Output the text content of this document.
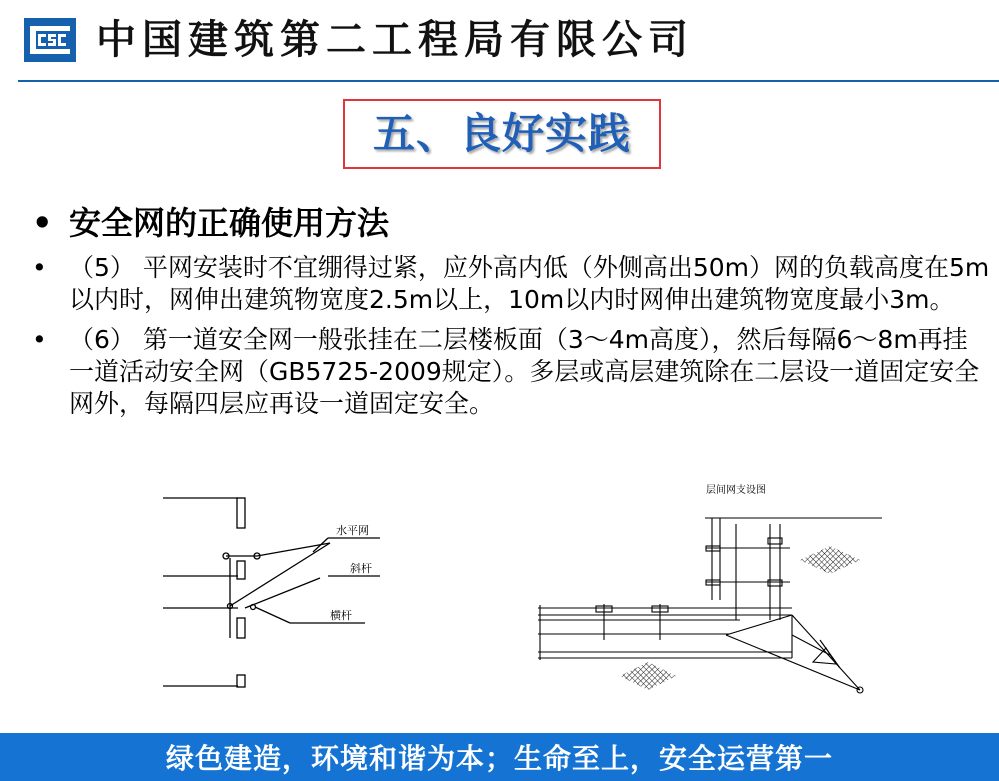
中国建筑第二工程局有限公司
五、良好实践
• 安全网的正确使用方法
• （5） 平网安装时不宜绷得过紧，应外高内低（外侧高出50m）网的负载高度在5m以内时，网伸出建筑物宽度2.5m以上，10m以内时网伸出建筑物宽度最小3m。
• （6） 第一道安全网一般张挂在二层楼板面（3～4m高度），然后每隔6～8m再挂一道活动安全网（GB5725-2009规定）。多层或高层建筑除在二层设一道固定安全网外，每隔四层应再设一道固定安全。
水平网
斜杆
横杆
层间网支设图
绿色建造，环境和谐为本；生命至上，安全运营第一
